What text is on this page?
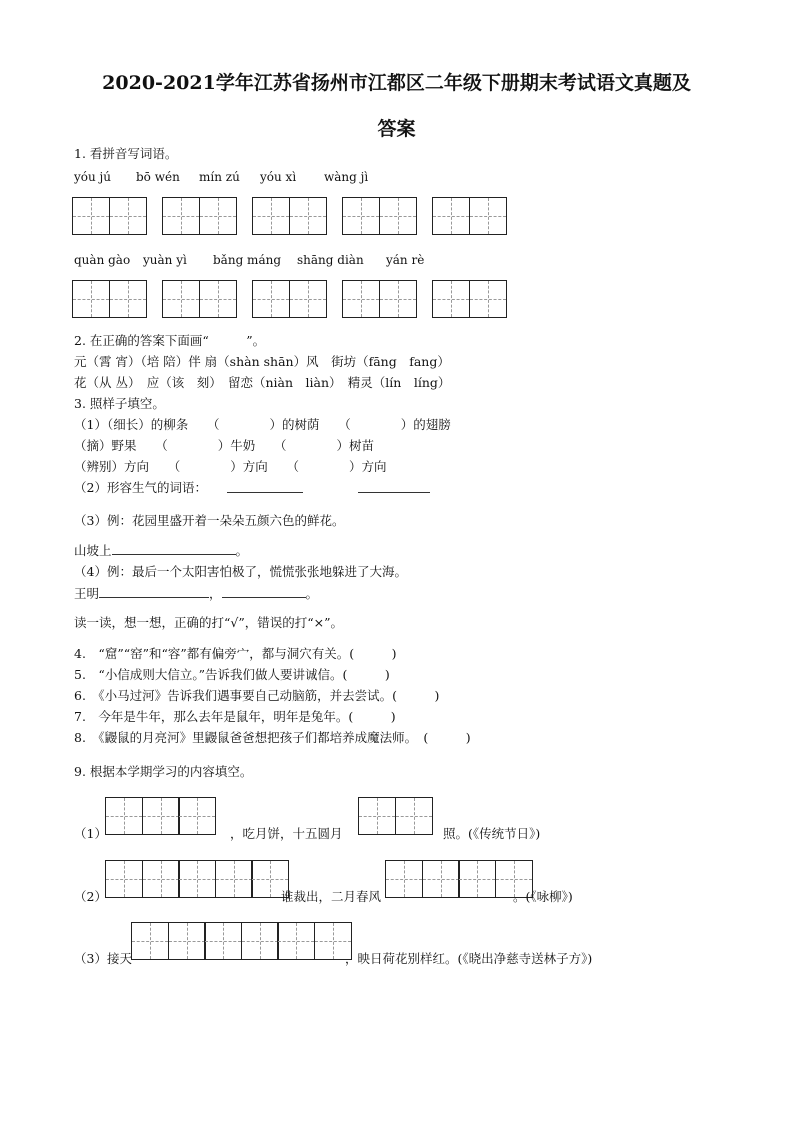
2020-2021学年江苏省扬州市江都区二年级下册期末考试语文真题及
答案
1. 看拼音写词语。
yóu jú bō wén mín zú yóu xì wàng jì
quàn gào yuàn yì bǎng máng shāng diàn yán rè
2. 在正确的答案下面画“　　　”。
元（霄 宵）（培 陪）伴 扇（shàn shān）风　街坊（fāng　fang）
花（从 丛）　应（该　刻）　留恋（niàn　liàn）　精灵（lín　líng）
3. 照样子填空。
（1）（细长）的柳条　　（　　　　）的树荫　　（　　　　）的翅膀
（摘）野果　　（　　　　）牛奶　　（　　　　）树苗
（辨别）方向　　（　　　　）方向　　（　　　　）方向
（2）形容生气的词语：
（3）例：花园里盛开着一朵朵五颜六色的鲜花。
山坡上	。
（4）例：最后一个太阳害怕极了，慌慌张张地躲进了大海。
王明	，	。
读一读，想一想，正确的打“√”，错误的打“×”。
4.　“窟”“窑”和“容”都有偏旁宀，都与洞穴有关。(　　　)
5.　“小信成则大信立。”告诉我们做人要讲诚信。(　　　)
6.　《小马过河》告诉我们遇事要自己动脑筋，并去尝试。(　　　)
7.　今年是牛年，那么去年是鼠年，明年是兔年。(　　　)
8.　《鼹鼠的月亮河》里鼹鼠爸爸想把孩子们都培养成魔法师。　(　　　)
9. 根据本学期学习的内容填空。
（1）	，吃月饼，十五圆月	照。(《传统节日》)
（2）	谁裁出，二月春风	。(《咏柳》)
（3）接天	，映日荷花别样红。(《晓出净慈寺送林子方》)
